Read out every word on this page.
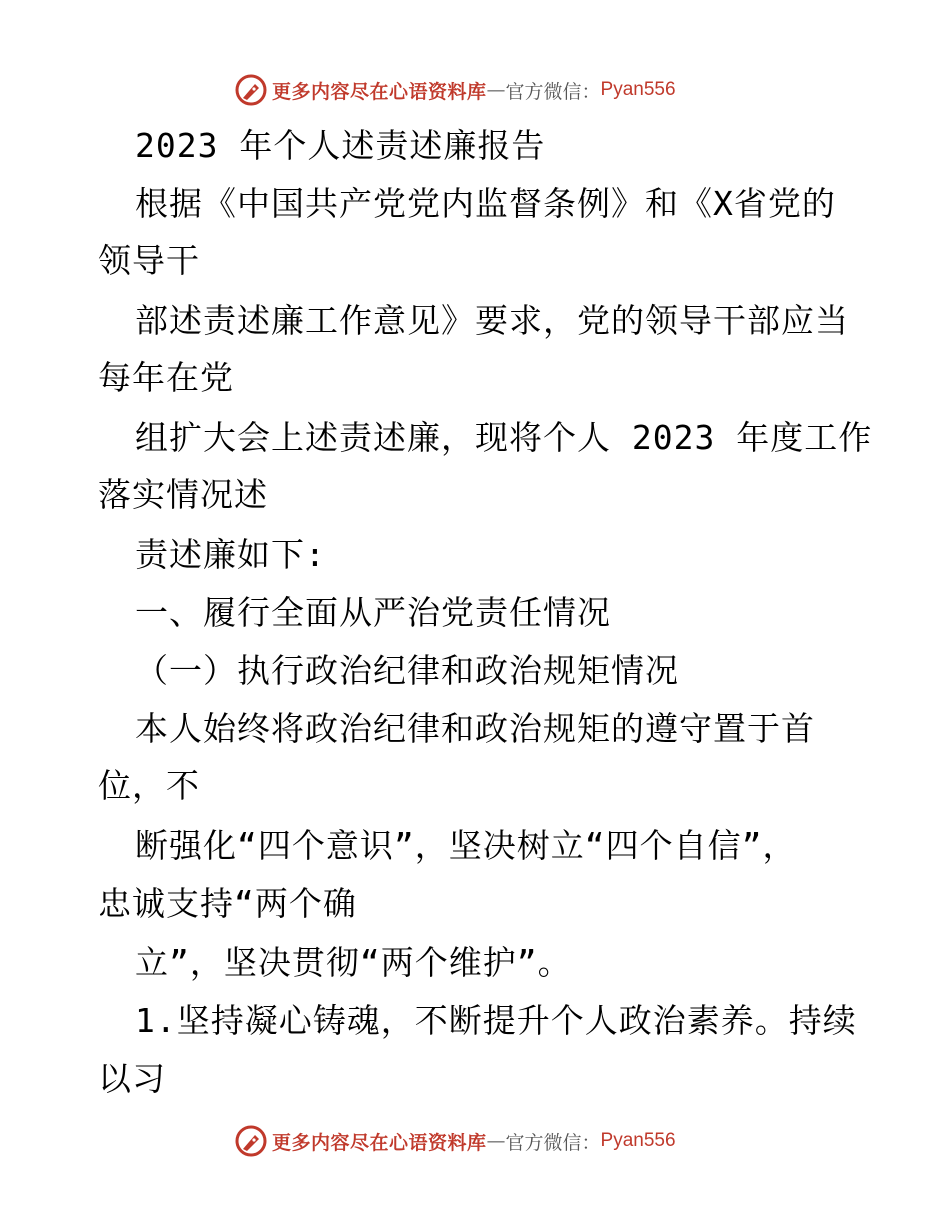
更多内容尽在心语资料库 — 官方微信： Pyan556
2023 年个人述责述廉报告
根据《中国共产党党内监督条例》和《X省党的
领导干
部述责述廉工作意见》要求，党的领导干部应当
每年在党
组扩大会上述责述廉，现将个人 2023 年度工作
落实情况述
责述廉如下:
一、履行全面从严治党责任情况
（一）执行政治纪律和政治规矩情况
本人始终将政治纪律和政治规矩的遵守置于首
位，不
断强化“四个意识”，坚决树立“四个自信”，
忠诚支持“两个确
立”，坚决贯彻“两个维护”。
1.坚持凝心铸魂，不断提升个人政治素养。持续
以习
更多内容尽在心语资料库 — 官方微信： Pyan556
